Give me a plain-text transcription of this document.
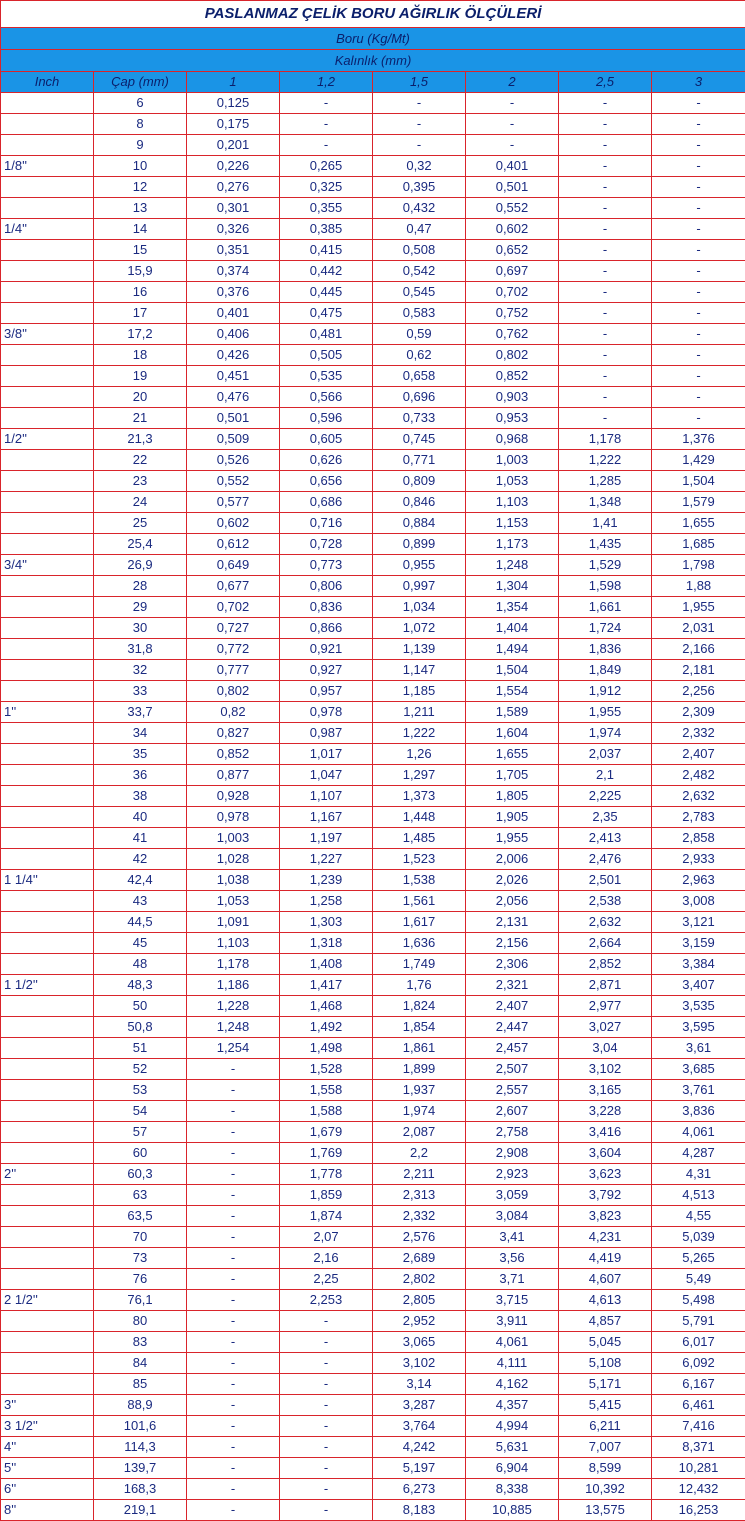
PASLANMAZ ÇELİK BORU AĞIRLIK ÖLÇÜLERİ							
Boru (Kg/Mt)							
Kalınlık (mm)							
Inch	Çap (mm)	1	1,2	1,5	2	2,5	3
	6	0,125	-	-	-	-	-
	8	0,175	-	-	-	-	-
	9	0,201	-	-	-	-	-
1/8''	10	0,226	0,265	0,32	0,401	-	-
	12	0,276	0,325	0,395	0,501	-	-
	13	0,301	0,355	0,432	0,552	-	-
1/4''	14	0,326	0,385	0,47	0,602	-	-
	15	0,351	0,415	0,508	0,652	-	-
	15,9	0,374	0,442	0,542	0,697	-	-
	16	0,376	0,445	0,545	0,702	-	-
	17	0,401	0,475	0,583	0,752	-	-
3/8''	17,2	0,406	0,481	0,59	0,762	-	-
	18	0,426	0,505	0,62	0,802	-	-
	19	0,451	0,535	0,658	0,852	-	-
	20	0,476	0,566	0,696	0,903	-	-
	21	0,501	0,596	0,733	0,953	-	-
1/2''	21,3	0,509	0,605	0,745	0,968	1,178	1,376
	22	0,526	0,626	0,771	1,003	1,222	1,429
	23	0,552	0,656	0,809	1,053	1,285	1,504
	24	0,577	0,686	0,846	1,103	1,348	1,579
	25	0,602	0,716	0,884	1,153	1,41	1,655
	25,4	0,612	0,728	0,899	1,173	1,435	1,685
3/4''	26,9	0,649	0,773	0,955	1,248	1,529	1,798
	28	0,677	0,806	0,997	1,304	1,598	1,88
	29	0,702	0,836	1,034	1,354	1,661	1,955
	30	0,727	0,866	1,072	1,404	1,724	2,031
	31,8	0,772	0,921	1,139	1,494	1,836	2,166
	32	0,777	0,927	1,147	1,504	1,849	2,181
	33	0,802	0,957	1,185	1,554	1,912	2,256
1''	33,7	0,82	0,978	1,211	1,589	1,955	2,309
	34	0,827	0,987	1,222	1,604	1,974	2,332
	35	0,852	1,017	1,26	1,655	2,037	2,407
	36	0,877	1,047	1,297	1,705	2,1	2,482
	38	0,928	1,107	1,373	1,805	2,225	2,632
	40	0,978	1,167	1,448	1,905	2,35	2,783
	41	1,003	1,197	1,485	1,955	2,413	2,858
	42	1,028	1,227	1,523	2,006	2,476	2,933
1 1/4''	42,4	1,038	1,239	1,538	2,026	2,501	2,963
	43	1,053	1,258	1,561	2,056	2,538	3,008
	44,5	1,091	1,303	1,617	2,131	2,632	3,121
	45	1,103	1,318	1,636	2,156	2,664	3,159
	48	1,178	1,408	1,749	2,306	2,852	3,384
1 1/2''	48,3	1,186	1,417	1,76	2,321	2,871	3,407
	50	1,228	1,468	1,824	2,407	2,977	3,535
	50,8	1,248	1,492	1,854	2,447	3,027	3,595
	51	1,254	1,498	1,861	2,457	3,04	3,61
	52	-	1,528	1,899	2,507	3,102	3,685
	53	-	1,558	1,937	2,557	3,165	3,761
	54	-	1,588	1,974	2,607	3,228	3,836
	57	-	1,679	2,087	2,758	3,416	4,061
	60	-	1,769	2,2	2,908	3,604	4,287
2''	60,3	-	1,778	2,211	2,923	3,623	4,31
	63	-	1,859	2,313	3,059	3,792	4,513
	63,5	-	1,874	2,332	3,084	3,823	4,55
	70	-	2,07	2,576	3,41	4,231	5,039
	73	-	2,16	2,689	3,56	4,419	5,265
	76	-	2,25	2,802	3,71	4,607	5,49
2 1/2''	76,1	-	2,253	2,805	3,715	4,613	5,498
	80	-	-	2,952	3,911	4,857	5,791
	83	-	-	3,065	4,061	5,045	6,017
	84	-	-	3,102	4,111	5,108	6,092
	85	-	-	3,14	4,162	5,171	6,167
3''	88,9	-	-	3,287	4,357	5,415	6,461
3 1/2''	101,6	-	-	3,764	4,994	6,211	7,416
4''	114,3	-	-	4,242	5,631	7,007	8,371
5''	139,7	-	-	5,197	6,904	8,599	10,281
6''	168,3	-	-	6,273	8,338	10,392	12,432
8''	219,1	-	-	8,183	10,885	13,575	16,253
